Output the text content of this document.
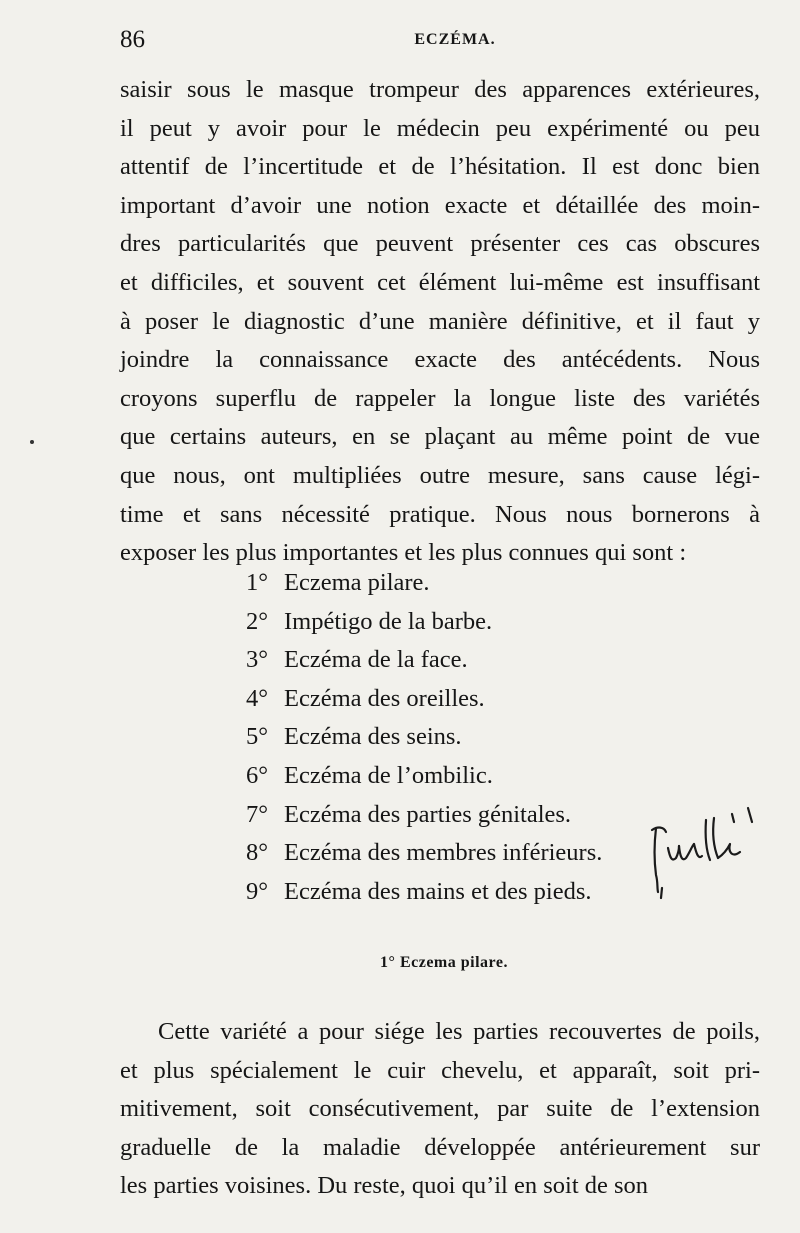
86	ECZÉMA.
saisir sous le masque trompeur des apparences extérieures,
il peut y avoir pour le médecin peu expérimenté ou peu
attentif de l’incertitude et de l’hésitation. Il est donc bien
important d’avoir une notion exacte et détaillée des moin-
dres particularités que peuvent présenter ces cas obscures
et difficiles, et souvent cet élément lui-même est insuffisant
à poser le diagnostic d’une manière définitive, et il faut y
joindre la connaissance exacte des antécédents. Nous
croyons superflu de rappeler la longue liste des variétés
que certains auteurs, en se plaçant au même point de vue
que nous, ont multipliées outre mesure, sans cause légi-
time et sans nécessité pratique. Nous nous bornerons à
exposer les plus importantes et les plus connues qui sont :
1° Eczema pilare.
2° Impétigo de la barbe.
3° Eczéma de la face.
4° Eczéma des oreilles.
5° Eczéma des seins.
6° Eczéma de l’ombilic.
7° Eczéma des parties génitales.
8° Eczéma des membres inférieurs.
9° Eczéma des mains et des pieds.
1° Eczema pilare.
Cette variété a pour siége les parties recouvertes de poils,
et plus spécialement le cuir chevelu, et apparaît, soit pri-
mitivement, soit consécutivement, par suite de l’extension
graduelle de la maladie développée antérieurement sur
les parties voisines. Du reste, quoi qu’il en soit de son
